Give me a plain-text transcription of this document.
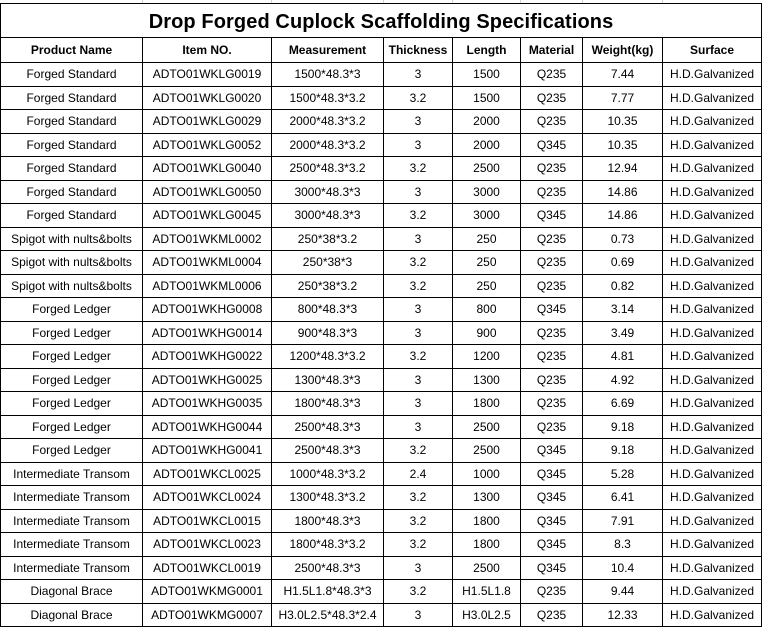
Drop Forged Cuplock Scaffolding Specifications							
Product Name	Item NO.	Measurement	Thickness	Length	Material	Weight(kg)	Surface
Forged Standard	ADTO01WKLG0019	1500*48.3*3	3	1500	Q235	7.44	H.D.Galvanized
Forged Standard	ADTO01WKLG0020	1500*48.3*3.2	3.2	1500	Q235	7.77	H.D.Galvanized
Forged Standard	ADTO01WKLG0029	2000*48.3*3.2	3	2000	Q235	10.35	H.D.Galvanized
Forged Standard	ADTO01WKLG0052	2000*48.3*3.2	3	2000	Q345	10.35	H.D.Galvanized
Forged Standard	ADTO01WKLG0040	2500*48.3*3.2	3.2	2500	Q235	12.94	H.D.Galvanized
Forged Standard	ADTO01WKLG0050	3000*48.3*3	3	3000	Q235	14.86	H.D.Galvanized
Forged Standard	ADTO01WKLG0045	3000*48.3*3	3.2	3000	Q345	14.86	H.D.Galvanized
Spigot with nults&bolts	ADTO01WKML0002	250*38*3.2	3	250	Q235	0.73	H.D.Galvanized
Spigot with nults&bolts	ADTO01WKML0004	250*38*3	3.2	250	Q235	0.69	H.D.Galvanized
Spigot with nults&bolts	ADTO01WKML0006	250*38*3.2	3.2	250	Q235	0.82	H.D.Galvanized
Forged Ledger	ADTO01WKHG0008	800*48.3*3	3	800	Q345	3.14	H.D.Galvanized
Forged Ledger	ADTO01WKHG0014	900*48.3*3	3	900	Q235	3.49	H.D.Galvanized
Forged Ledger	ADTO01WKHG0022	1200*48.3*3.2	3.2	1200	Q235	4.81	H.D.Galvanized
Forged Ledger	ADTO01WKHG0025	1300*48.3*3	3	1300	Q235	4.92	H.D.Galvanized
Forged Ledger	ADTO01WKHG0035	1800*48.3*3	3	1800	Q235	6.69	H.D.Galvanized
Forged Ledger	ADTO01WKHG0044	2500*48.3*3	3	2500	Q235	9.18	H.D.Galvanized
Forged Ledger	ADTO01WKHG0041	2500*48.3*3	3.2	2500	Q345	9.18	H.D.Galvanized
Intermediate Transom	ADTO01WKCL0025	1000*48.3*3.2	2.4	1000	Q345	5.28	H.D.Galvanized
Intermediate Transom	ADTO01WKCL0024	1300*48.3*3.2	3.2	1300	Q345	6.41	H.D.Galvanized
Intermediate Transom	ADTO01WKCL0015	1800*48.3*3	3.2	1800	Q345	7.91	H.D.Galvanized
Intermediate Transom	ADTO01WKCL0023	1800*48.3*3.2	3.2	1800	Q345	8.3	H.D.Galvanized
Intermediate Transom	ADTO01WKCL0019	2500*48.3*3	3	2500	Q345	10.4	H.D.Galvanized
Diagonal Brace	ADTO01WKMG0001	H1.5L1.8*48.3*3	3.2	H1.5L1.8	Q235	9.44	H.D.Galvanized
Diagonal Brace	ADTO01WKMG0007	H3.0L2.5*48.3*2.4	3	H3.0L2.5	Q235	12.33	H.D.Galvanized
